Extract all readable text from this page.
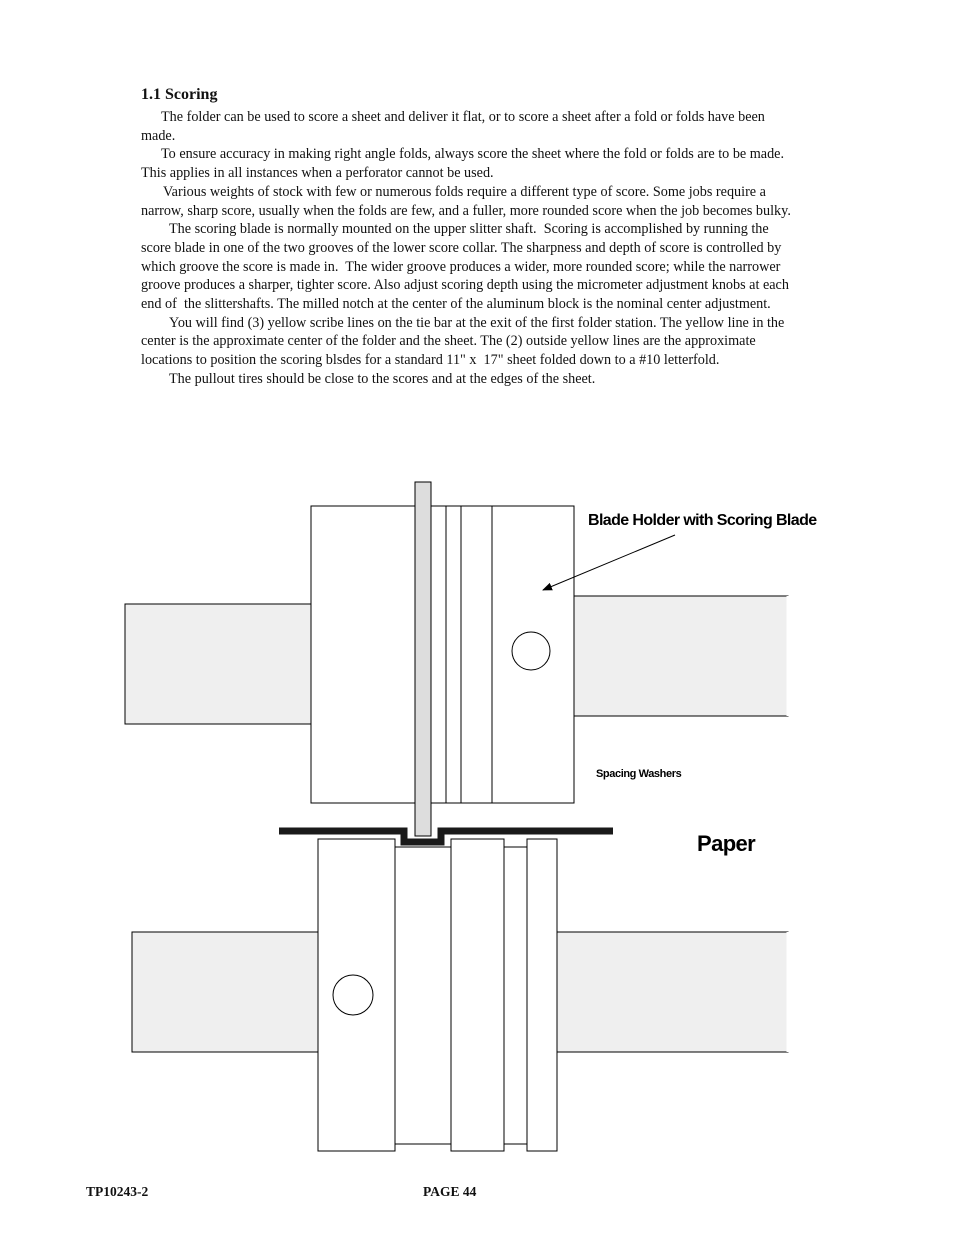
1.1 Scoring

The folder can be used to score a sheet and deliver it flat, or to score a sheet after a fold or folds have been made.

To ensure accuracy in making right angle folds, always score the sheet where the fold or folds are to be made. This applies in all instances when a perforator cannot be used.

Various weights of stock with few or numerous folds require a different type of score. Some jobs require a narrow, sharp score, usually when the folds are few, and a fuller, more rounded score when the job becomes bulky.

The scoring blade is normally mounted on the upper slitter shaft.  Scoring is accomplished by running the score blade in one of the two grooves of the lower score collar. The sharpness and depth of score is controlled by which groove the score is made in.  The wider groove produces a wider, more rounded score; while the narrower groove produces a sharper, tighter score. Also adjust scoring depth using the micrometer adjustment knobs at each end of  the slittershafts. The milled notch at the center of the aluminum block is the nominal center adjustment.

You will find (3) yellow scribe lines on the tie bar at the exit of the first folder station. The yellow line in the center is the approximate center of the folder and the sheet. The (2) outside yellow lines are the approximate locations to position the scoring blsdes for a standard 11" x  17" sheet folded down to a #10 letterfold.

The pullout tires should be close to the scores and at the edges of the sheet.

Blade Holder with Scoring Blade
Spacing Washers
Paper
TP10243-2	PAGE 44
